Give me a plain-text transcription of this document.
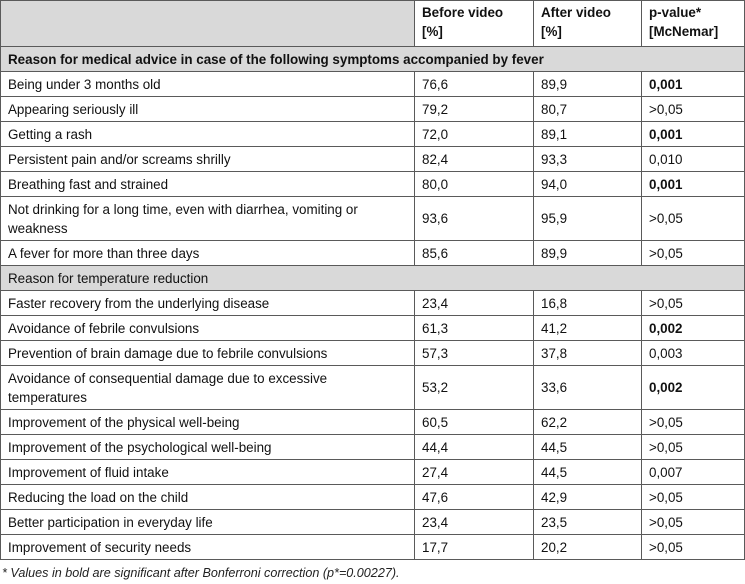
	Before video [%]	After video [%]	p-value* [McNemar]
Reason for medical advice in case of the following symptoms accompanied by fever			
Being under 3 months old	76,6	89,9	0,001
Appearing seriously ill	79,2	80,7	>0,05
Getting a rash	72,0	89,1	0,001
Persistent pain and/or screams shrilly	82,4	93,3	0,010
Breathing fast and strained	80,0	94,0	0,001
Not drinking for a long time, even with diarrhea, vomiting or weakness	93,6	95,9	>0,05
A fever for more than three days	85,6	89,9	>0,05
Reason for temperature reduction			
Faster recovery from the underlying disease	23,4	16,8	>0,05
Avoidance of febrile convulsions	61,3	41,2	0,002
Prevention of brain damage due to febrile convulsions	57,3	37,8	0,003
Avoidance of consequential damage due to excessive temperatures	53,2	33,6	0,002
Improvement of the physical well-being	60,5	62,2	>0,05
Improvement of the psychological well-being	44,4	44,5	>0,05
Improvement of fluid intake	27,4	44,5	0,007
Reducing the load on the child	47,6	42,9	>0,05
Better participation in everyday life	23,4	23,5	>0,05
Improvement of security needs	17,7	20,2	>0,05
* Values in bold are significant after Bonferroni correction (p*=0.00227).
